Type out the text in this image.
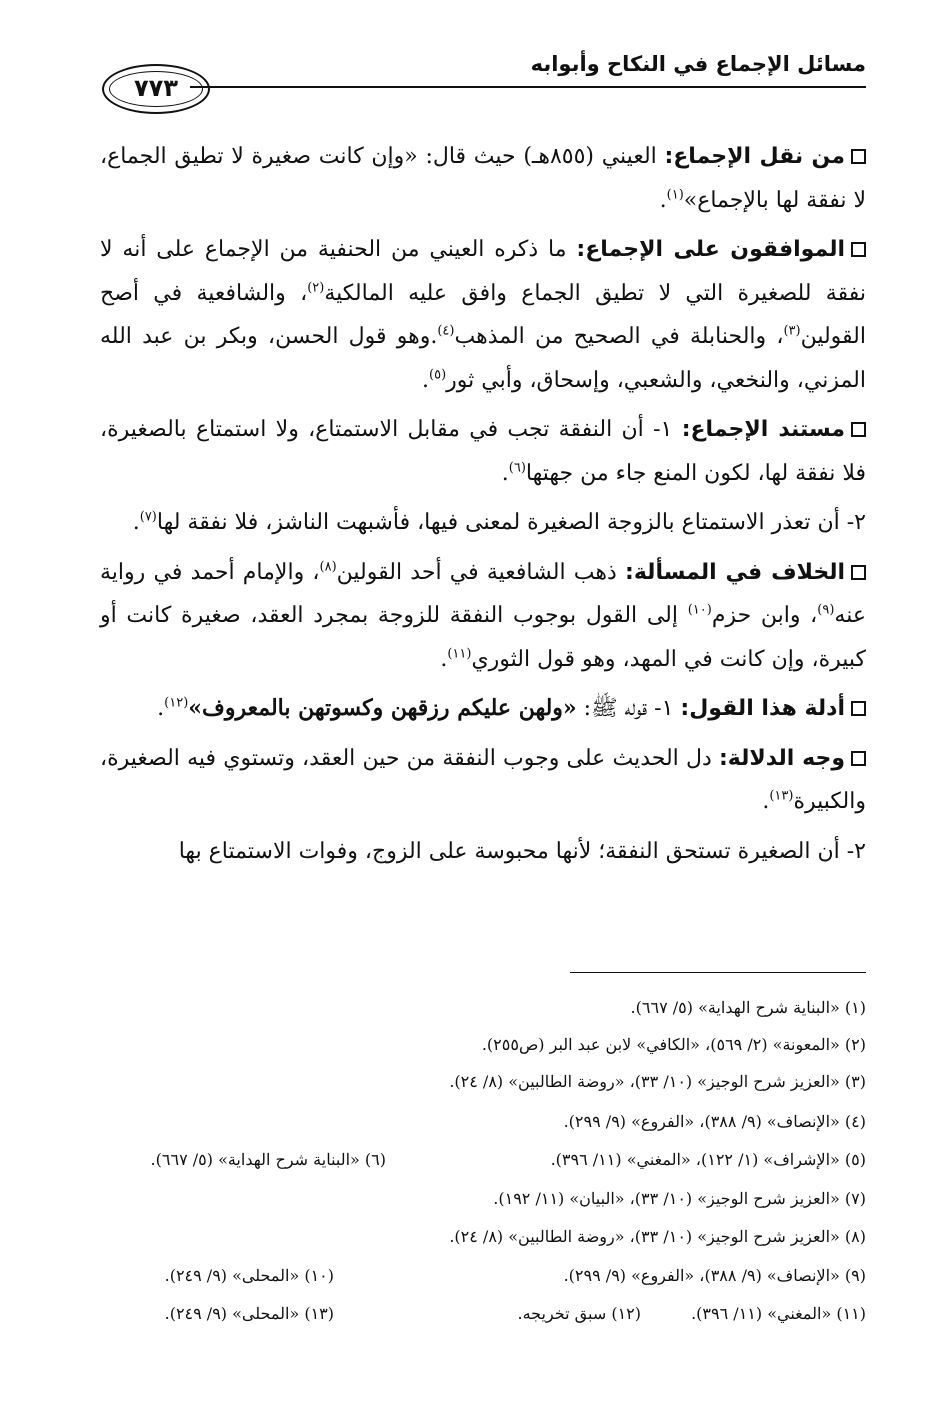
مسائل الإجماع في النكاح وأبوابه
٧٧٣

من نقل الإجماع: العيني (٨٥٥هـ) حيث قال: «وإن كانت صغيرة لا تطيق الجماع، لا نفقة لها بالإجماع»$^{(١)}$.

الموافقون على الإجماع: ما ذكره العيني من الحنفية من الإجماع على أنه لا نفقة للصغيرة التي لا تطيق الجماع وافق عليه المالكية$^{(٢)}$، والشافعية في أصح القولين$^{(٣)}$، والحنابلة في الصحيح من المذهب$^{(٤)}$.وهو قول الحسن، وبكر بن عبد الله المزني، والنخعي، والشعبي، وإسحاق، وأبي ثور$^{(٥)}$.

مستند الإجماع: ١- أن النفقة تجب في مقابل الاستمتاع، ولا استمتاع بالصغيرة، فلا نفقة لها، لكون المنع جاء من جهتها$^{(٦)}$.

٢- أن تعذر الاستمتاع بالزوجة الصغيرة لمعنى فيها، فأشبهت الناشز، فلا نفقة لها$^{(٧)}$.

الخلاف في المسألة: ذهب الشافعية في أحد القولين$^{(٨)}$، والإمام أحمد في رواية عنه$^{(٩)}$، وابن حزم$^{(١٠)}$ إلى القول بوجوب النفقة للزوجة بمجرد العقد، صغيرة كانت أو كبيرة، وإن كانت في المهد، وهو قول الثوري$^{(١١)}$.

أدلة هذا القول: ١- قوله ﷺ: «ولهن عليكم رزقهن وكسوتهن بالمعروف»$^{(١٢)}$.

وجه الدلالة: دل الحديث على وجوب النفقة من حين العقد، وتستوي فيه الصغيرة، والكبيرة$^{(١٣)}$.

٢- أن الصغيرة تستحق النفقة؛ لأنها محبوسة على الزوج، وفوات الاستمتاع بها

(١) «البناية شرح الهداية» (٥/ ٦٦٧).
(٢) «المعونة» (٢/ ٥٦٩)، «الكافي» لابن عبد البر (ص٢٥٥).
(٣) «العزيز شرح الوجيز» (١٠/ ٣٣)، «روضة الطالبين» (٨/ ٢٤).
(٤) «الإنصاف» (٩/ ٣٨٨)، «الفروع» (٩/ ٢٩٩).
(٥) «الإشراف» (١/ ١٢٢)، «المغني» (١١/ ٣٩٦).
(٦) «البناية شرح الهداية» (٥/ ٦٦٧).
(٧) «العزيز شرح الوجيز» (١٠/ ٣٣)، «البيان» (١١/ ١٩٢).
(٨) «العزيز شرح الوجيز» (١٠/ ٣٣)، «روضة الطالبين» (٨/ ٢٤).
(٩) «الإنصاف» (٩/ ٣٨٨)، «الفروع» (٩/ ٢٩٩).
(١٠) «المحلى» (٩/ ٢٤٩).
(١١) «المغني» (١١/ ٣٩٦).
(١٢) سبق تخريجه.
(١٣) «المحلى» (٩/ ٢٤٩).
